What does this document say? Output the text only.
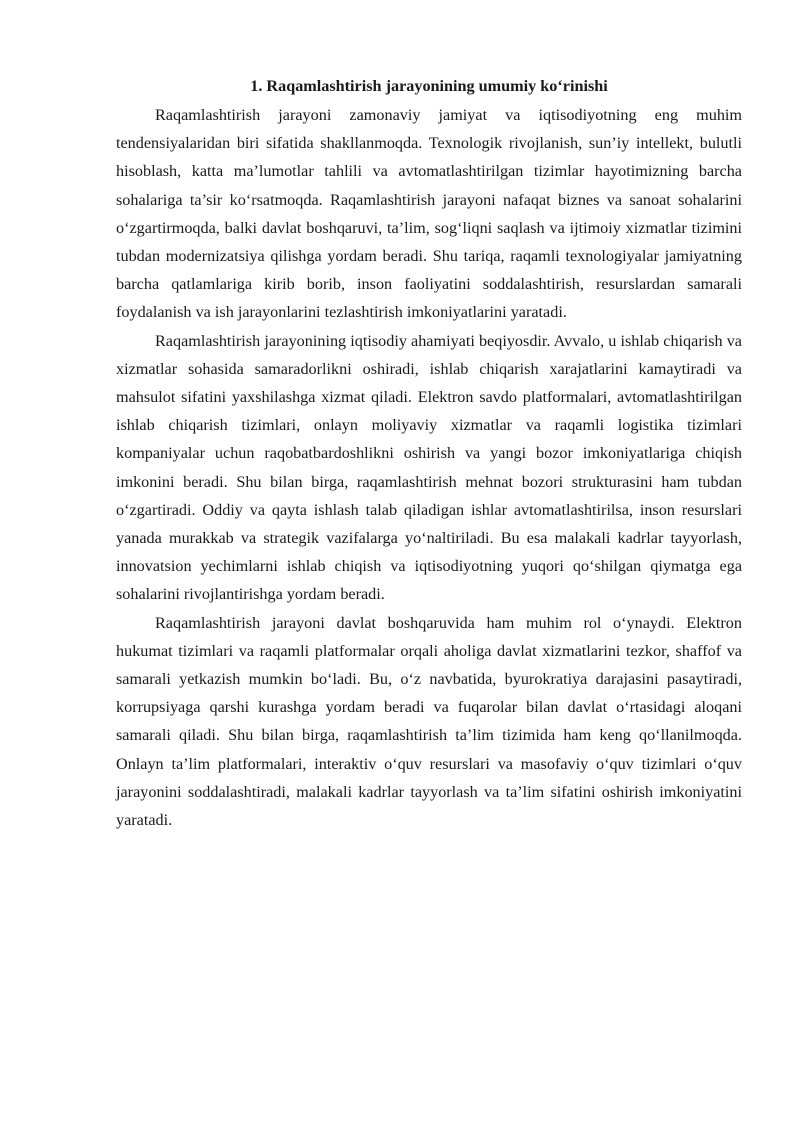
1. Raqamlashtirish jarayonining umumiy ko‘rinishi

Raqamlashtirish jarayoni zamonaviy jamiyat va iqtisodiyotning eng muhim tendensiyalaridan biri sifatida shakllanmoqda. Texnologik rivojlanish, sun’iy intellekt, bulutli hisoblash, katta ma’lumotlar tahlili va avtomatlashtirilgan tizimlar hayotimizning barcha sohalariga ta’sir ko‘rsatmoqda. Raqamlashtirish jarayoni nafaqat biznes va sanoat sohalarini o‘zgartirmoqda, balki davlat boshqaruvi, ta’lim, sog‘liqni saqlash va ijtimoiy xizmatlar tizimini tubdan modernizatsiya qilishga yordam beradi. Shu tariqa, raqamli texnologiyalar jamiyatning barcha qatlamlariga kirib borib, inson faoliyatini soddalashtirish, resurslardan samarali foydalanish va ish jarayonlarini tezlashtirish imkoniyatlarini yaratadi.

Raqamlashtirish jarayonining iqtisodiy ahamiyati beqiyosdir. Avvalo, u ishlab chiqarish va xizmatlar sohasida samaradorlikni oshiradi, ishlab chiqarish xarajatlarini kamaytiradi va mahsulot sifatini yaxshilashga xizmat qiladi. Elektron savdo platformalari, avtomatlashtirilgan ishlab chiqarish tizimlari, onlayn moliyaviy xizmatlar va raqamli logistika tizimlari kompaniyalar uchun raqobatbardoshlikni oshirish va yangi bozor imkoniyatlariga chiqish imkonini beradi. Shu bilan birga, raqamlashtirish mehnat bozori strukturasini ham tubdan o‘zgartiradi. Oddiy va qayta ishlash talab qiladigan ishlar avtomatlashtirilsa, inson resurslari yanada murakkab va strategik vazifalarga yo‘naltiriladi. Bu esa malakali kadrlar tayyorlash, innovatsion yechimlarni ishlab chiqish va iqtisodiyotning yuqori qo‘shilgan qiymatga ega sohalarini rivojlantirishga yordam beradi.

Raqamlashtirish jarayoni davlat boshqaruvida ham muhim rol o‘ynaydi. Elektron hukumat tizimlari va raqamli platformalar orqali aholiga davlat xizmatlarini tezkor, shaffof va samarali yetkazish mumkin bo‘ladi. Bu, o‘z navbatida, byurokratiya darajasini pasaytiradi, korrupsiyaga qarshi kurashga yordam beradi va fuqarolar bilan davlat o‘rtasidagi aloqani samarali qiladi. Shu bilan birga, raqamlashtirish ta’lim tizimida ham keng qo‘llanilmoqda. Onlayn ta’lim platformalari, interaktiv o‘quv resurslari va masofaviy o‘quv tizimlari o‘quv jarayonini soddalashtiradi, malakali kadrlar tayyorlash va ta’lim sifatini oshirish imkoniyatini yaratadi.
